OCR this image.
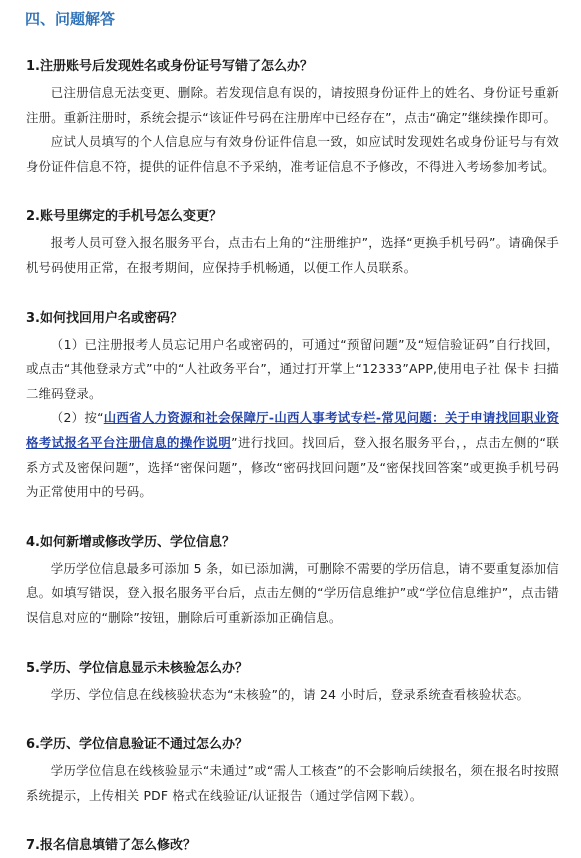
四、问题解答
1.注册账号后发现姓名或身份证号写错了怎么办？

已注册信息无法变更、删除。若发现信息有误的，请按照身份证件上的姓名、身份证号重新注册。重新注册时，系统会提示“该证件号码在注册库中已经存在”，点击“确定”继续操作即可。

应试人员填写的个人信息应与有效身份证件信息一致，如应试时发现姓名或身份证号与有效身份证件信息不符，提供的证件信息不予采纳，准考证信息不予修改，不得进入考场参加考试。

2.账号里绑定的手机号怎么变更？

报考人员可登入报名服务平台，点击右上角的“注册维护”，选择“更换手机号码”。请确保手机号码使用正常，在报考期间，应保持手机畅通，以便工作人员联系。

3.如何找回用户名或密码？

（1）已注册报考人员忘记用户名或密码的，可通过“预留问题”及“短信验证码”自行找回，或点击“其他登录方式”中的“人社政务平台”，通过打开掌上“12333”APP,使用电子社 保卡 扫描二维码登录。

（2）按“山西省人力资源和社会保障厅-山西人事考试专栏-常见问题：关于申请找回职业资格考试报名平台注册信息的操作说明”进行找回。找回后，登入报名服务平台，，点击左侧的“联系方式及密保问题”，选择“密保问题”，修改“密码找回问题”及“密保找回答案”或更换手机号码为正常使用中的号码。

4.如何新增或修改学历、学位信息？

学历学位信息最多可添加 5 条，如已添加满，可删除不需要的学历信息，请不要重复添加信息。如填写错误，登入报名服务平台后，点击左侧的“学历信息维护”或“学位信息维护”，点击错误信息对应的“删除”按钮，删除后可重新添加正确信息。

5.学历、学位信息显示未核验怎么办？

学历、学位信息在线核验状态为“未核验”的，请 24 小时后，登录系统查看核验状态。

6.学历、学位信息验证不通过怎么办？

学历学位信息在线核验显示“未通过”或“需人工核查”的不会影响后续报名，须在报名时按照系统提示，上传相关 PDF 格式在线验证/认证报告（通过学信网下载）。

7.报名信息填错了怎么修改？
